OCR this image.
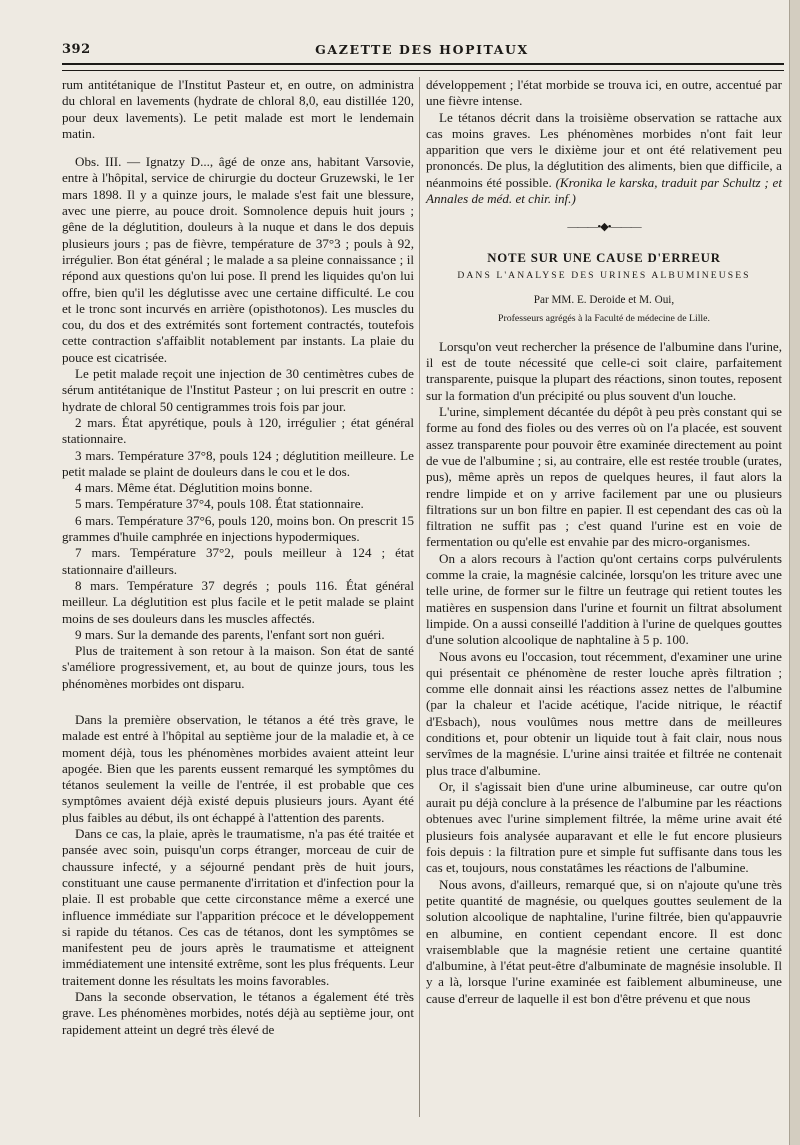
392	GAZETTE DES HOPITAUX

rum antitétanique de l'Institut Pasteur et, en outre, on administra du chloral en lavements (hydrate de chloral 8,0, eau distillée 120, pour deux lavements). Le petit malade est mort le lendemain matin.

Obs. III. — Ignatzy D..., âgé de onze ans, habitant Varsovie, entre à l'hôpital, service de chirurgie du docteur Gruzewski, le 1er mars 1898. Il y a quinze jours, le malade s'est fait une blessure, avec une pierre, au pouce droit. Somnolence depuis huit jours ; gêne de la déglutition, douleurs à la nuque et dans le dos depuis plusieurs jours ; pas de fièvre, température de 37°3 ; pouls à 92, irrégulier. Bon état général ; le malade a sa pleine connaissance ; il répond aux questions qu'on lui pose. Il prend les liquides qu'on lui offre, bien qu'il les déglutisse avec une certaine difficulté. Le cou et le tronc sont incurvés en arrière (opisthotonos). Les muscles du cou, du dos et des extrémités sont fortement contractés, toutefois cette contraction s'affaiblit notablement par instants. La plaie du pouce est cicatrisée.

Le petit malade reçoit une injection de 30 centimètres cubes de sérum antitétanique de l'Institut Pasteur ; on lui prescrit en outre : hydrate de chloral 50 centigrammes trois fois par jour.

2 mars. État apyrétique, pouls à 120, irrégulier ; état général stationnaire.

3 mars. Température 37°8, pouls 124 ; déglutition meilleure. Le petit malade se plaint de douleurs dans le cou et le dos.

4 mars. Même état. Déglutition moins bonne.

5 mars. Température 37°4, pouls 108. État stationnaire.

6 mars. Température 37°6, pouls 120, moins bon. On prescrit 15 grammes d'huile camphrée en injections hypodermiques.

7 mars. Température 37°2, pouls meilleur à 124 ; état stationnaire d'ailleurs.

8 mars. Température 37 degrés ; pouls 116. État général meilleur. La déglutition est plus facile et le petit malade se plaint moins de ses douleurs dans les muscles affectés.

9 mars. Sur la demande des parents, l'enfant sort non guéri.

Plus de traitement à son retour à la maison. Son état de santé s'améliore progressivement, et, au bout de quinze jours, tous les phénomènes morbides ont disparu.

Dans la première observation, le tétanos a été très grave, le malade est entré à l'hôpital au septième jour de la maladie et, à ce moment déjà, tous les phénomènes morbides avaient atteint leur apogée. Bien que les parents eussent remarqué les symptômes du tétanos seulement la veille de l'entrée, il est probable que ces symptômes avaient déjà existé depuis plusieurs jours. Ayant été plus faibles au début, ils ont échappé à l'attention des parents.

Dans ce cas, la plaie, après le traumatisme, n'a pas été traitée et pansée avec soin, puisqu'un corps étranger, morceau de cuir de chaussure infecté, y a séjourné pendant près de huit jours, constituant une cause permanente d'irritation et d'infection pour la plaie. Il est probable que cette circonstance même a exercé une influence immédiate sur l'apparition précoce et le développement si rapide du tétanos. Ces cas de tétanos, dont les symptômes se manifestent peu de jours après le traumatisme et atteignent immédiatement une intensité extrême, sont les plus fréquents. Leur traitement donne les résultats les moins favorables.

Dans la seconde observation, le tétanos a également été très grave. Les phénomènes morbides, notés déjà au septième jour, ont rapidement atteint un degré très élevé de

développement ; l'état morbide se trouva ici, en outre, accentué par une fièvre intense.

Le tétanos décrit dans la troisième observation se rattache aux cas moins graves. Les phénomènes morbides n'ont fait leur apparition que vers le dixième jour et ont été relativement peu prononcés. De plus, la déglutition des aliments, bien que difficile, a néanmoins été possible. (Kronika le karska, traduit par Schultz ; et Annales de méd. et chir. inf.)

———•◆•———
NOTE SUR UNE CAUSE D'ERREUR
DANS L'ANALYSE DES URINES ALBUMINEUSES
Par MM. E. Deroide et M. Oui,
Professeurs agrégés à la Faculté de médecine de Lille.

Lorsqu'on veut rechercher la présence de l'albumine dans l'urine, il est de toute nécessité que celle-ci soit claire, parfaitement transparente, puisque la plupart des réactions, sinon toutes, reposent sur la formation d'un précipité ou plus souvent d'un louche.

L'urine, simplement décantée du dépôt à peu près constant qui se forme au fond des fioles ou des verres où on l'a placée, est souvent assez transparente pour pouvoir être examinée directement au point de vue de l'albumine ; si, au contraire, elle est restée trouble (urates, pus), même après un repos de quelques heures, il faut alors la rendre limpide et on y arrive facilement par une ou plusieurs filtrations sur un bon filtre en papier. Il est cependant des cas où la filtration ne suffit pas ; c'est quand l'urine est en voie de fermentation ou qu'elle est envahie par des micro-organismes.

On a alors recours à l'action qu'ont certains corps pulvérulents comme la craie, la magnésie calcinée, lorsqu'on les triture avec une telle urine, de former sur le filtre un feutrage qui retient toutes les matières en suspension dans l'urine et fournit un filtrat absolument limpide. On a aussi conseillé l'addition à l'urine de quelques gouttes d'une solution alcoolique de naphtaline à 5 p. 100.

Nous avons eu l'occasion, tout récemment, d'examiner une urine qui présentait ce phénomène de rester louche après filtration ; comme elle donnait ainsi les réactions assez nettes de l'albumine (par la chaleur et l'acide acétique, l'acide nitrique, le réactif d'Esbach), nous voulûmes nous mettre dans de meilleures conditions et, pour obtenir un liquide tout à fait clair, nous nous servîmes de la magnésie. L'urine ainsi traitée et filtrée ne contenait plus trace d'albumine.

Or, il s'agissait bien d'une urine albumineuse, car outre qu'on aurait pu déjà conclure à la présence de l'albumine par les réactions obtenues avec l'urine simplement filtrée, la même urine avait été plusieurs fois analysée auparavant et elle le fut encore plusieurs fois depuis : la filtration pure et simple fut suffisante dans tous les cas et, toujours, nous constatâmes les réactions de l'albumine.

Nous avons, d'ailleurs, remarqué que, si on n'ajoute qu'une très petite quantité de magnésie, ou quelques gouttes seulement de la solution alcoolique de naphtaline, l'urine filtrée, bien qu'appauvrie en albumine, en contient cependant encore. Il est donc vraisemblable que la magnésie retient une certaine quantité d'albumine, à l'état peut-être d'albuminate de magnésie insoluble. Il y a là, lorsque l'urine examinée est faiblement albumineuse, une cause d'erreur de laquelle il est bon d'être prévenu et que nous
